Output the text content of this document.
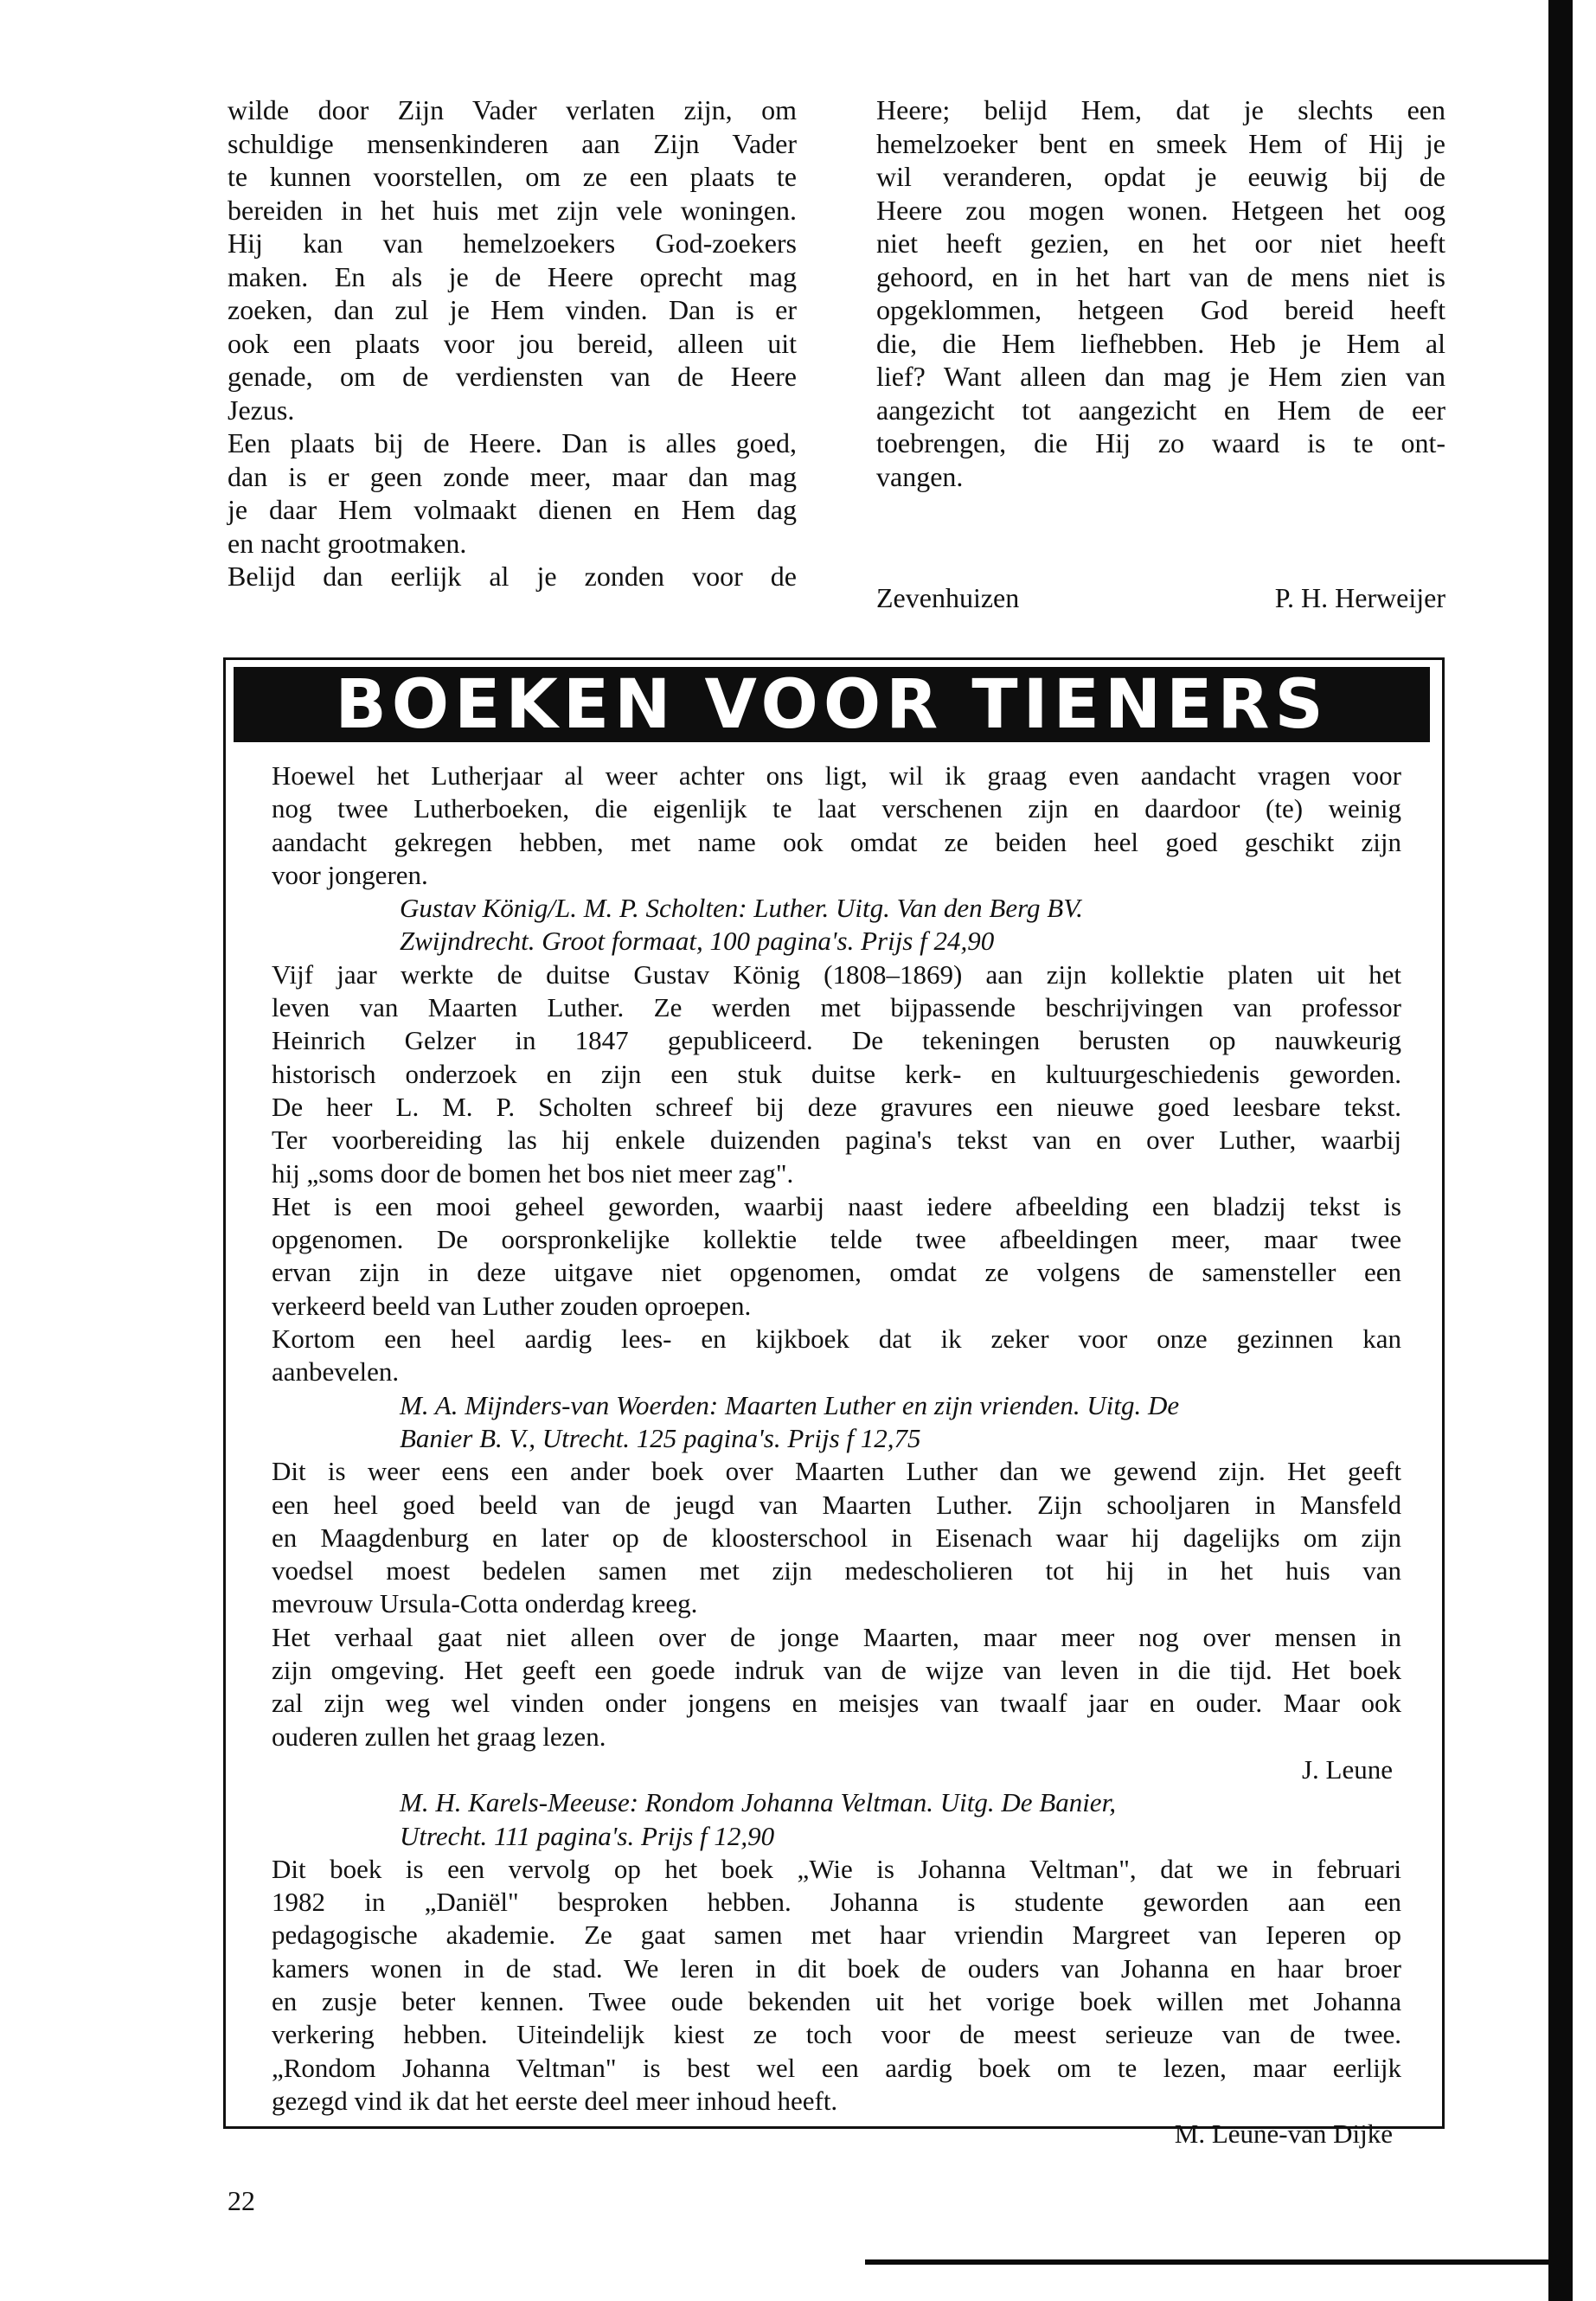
wilde door Zijn Vader verlaten zijn, om

schuldige mensenkinderen aan Zijn Vader

te kunnen voorstellen, om ze een plaats te

bereiden in het huis met zijn vele woningen.

Hij kan van hemelzoekers God-zoekers

maken. En als je de Heere oprecht mag

zoeken, dan zul je Hem vinden. Dan is er

ook een plaats voor jou bereid, alleen uit

genade, om de verdiensten van de Heere

Jezus.

Een plaats bij de Heere. Dan is alles goed,

dan is er geen zonde meer, maar dan mag

je daar Hem volmaakt dienen en Hem dag

en nacht grootmaken.

Belijd dan eerlijk al je zonden voor de

Heere; belijd Hem, dat je slechts een

hemelzoeker bent en smeek Hem of Hij je

wil veranderen, opdat je eeuwig bij de

Heere zou mogen wonen. Hetgeen het oog

niet heeft gezien, en het oor niet heeft

gehoord, en in het hart van de mens niet is

opgeklommen, hetgeen God bereid heeft

die, die Hem liefhebben. Heb je Hem al

lief? Want alleen dan mag je Hem zien van

aangezicht tot aangezicht en Hem de eer

toebrengen, die Hij zo waard is te ont-

vangen.

Zevenhuizen	P. H. Herweijer
BOEKEN VOOR TIENERS

Hoewel het Lutherjaar al weer achter ons ligt, wil ik graag even aandacht vragen voor

nog twee Lutherboeken, die eigenlijk te laat verschenen zijn en daardoor (te) weinig

aandacht gekregen hebben, met name ook omdat ze beiden heel goed geschikt zijn

voor jongeren.

Gustav König/L. M. P. Scholten: Luther. Uitg. Van den Berg BV.

Zwijndrecht. Groot formaat, 100 pagina's. Prijs f 24,90

Vijf jaar werkte de duitse Gustav König (1808–1869) aan zijn kollektie platen uit het

leven van Maarten Luther. Ze werden met bijpassende beschrijvingen van professor

Heinrich Gelzer in 1847 gepubliceerd. De tekeningen berusten op nauwkeurig

historisch onderzoek en zijn een stuk duitse kerk- en kultuurgeschiedenis geworden.

De heer L. M. P. Scholten schreef bij deze gravures een nieuwe goed leesbare tekst.

Ter voorbereiding las hij enkele duizenden pagina's tekst van en over Luther, waarbij

hij „soms door de bomen het bos niet meer zag".

Het is een mooi geheel geworden, waarbij naast iedere afbeelding een bladzij tekst is

opgenomen. De oorspronkelijke kollektie telde twee afbeeldingen meer, maar twee

ervan zijn in deze uitgave niet opgenomen, omdat ze volgens de samensteller een

verkeerd beeld van Luther zouden oproepen.

Kortom een heel aardig lees- en kijkboek dat ik zeker voor onze gezinnen kan

aanbevelen.

M. A. Mijnders-van Woerden: Maarten Luther en zijn vrienden. Uitg. De

Banier B. V., Utrecht. 125 pagina's. Prijs f 12,75

Dit is weer eens een ander boek over Maarten Luther dan we gewend zijn. Het geeft

een heel goed beeld van de jeugd van Maarten Luther. Zijn schooljaren in Mansfeld

en Maagdenburg en later op de kloosterschool in Eisenach waar hij dagelijks om zijn

voedsel moest bedelen samen met zijn medescholieren tot hij in het huis van

mevrouw Ursula-Cotta onderdag kreeg.

Het verhaal gaat niet alleen over de jonge Maarten, maar meer nog over mensen in

zijn omgeving. Het geeft een goede indruk van de wijze van leven in die tijd. Het boek

zal zijn weg wel vinden onder jongens en meisjes van twaalf jaar en ouder. Maar ook

ouderen zullen het graag lezen.

J. Leune

M. H. Karels-Meeuse: Rondom Johanna Veltman. Uitg. De Banier,

Utrecht. 111 pagina's. Prijs f 12,90

Dit boek is een vervolg op het boek „Wie is Johanna Veltman", dat we in februari

1982 in „Daniël" besproken hebben. Johanna is studente geworden aan een

pedagogische akademie. Ze gaat samen met haar vriendin Margreet van Ieperen op

kamers wonen in de stad. We leren in dit boek de ouders van Johanna en haar broer

en zusje beter kennen. Twee oude bekenden uit het vorige boek willen met Johanna

verkering hebben. Uiteindelijk kiest ze toch voor de meest serieuze van de twee.

„Rondom Johanna Veltman" is best wel een aardig boek om te lezen, maar eerlijk

gezegd vind ik dat het eerste deel meer inhoud heeft.

M. Leune-van Dijke

22
